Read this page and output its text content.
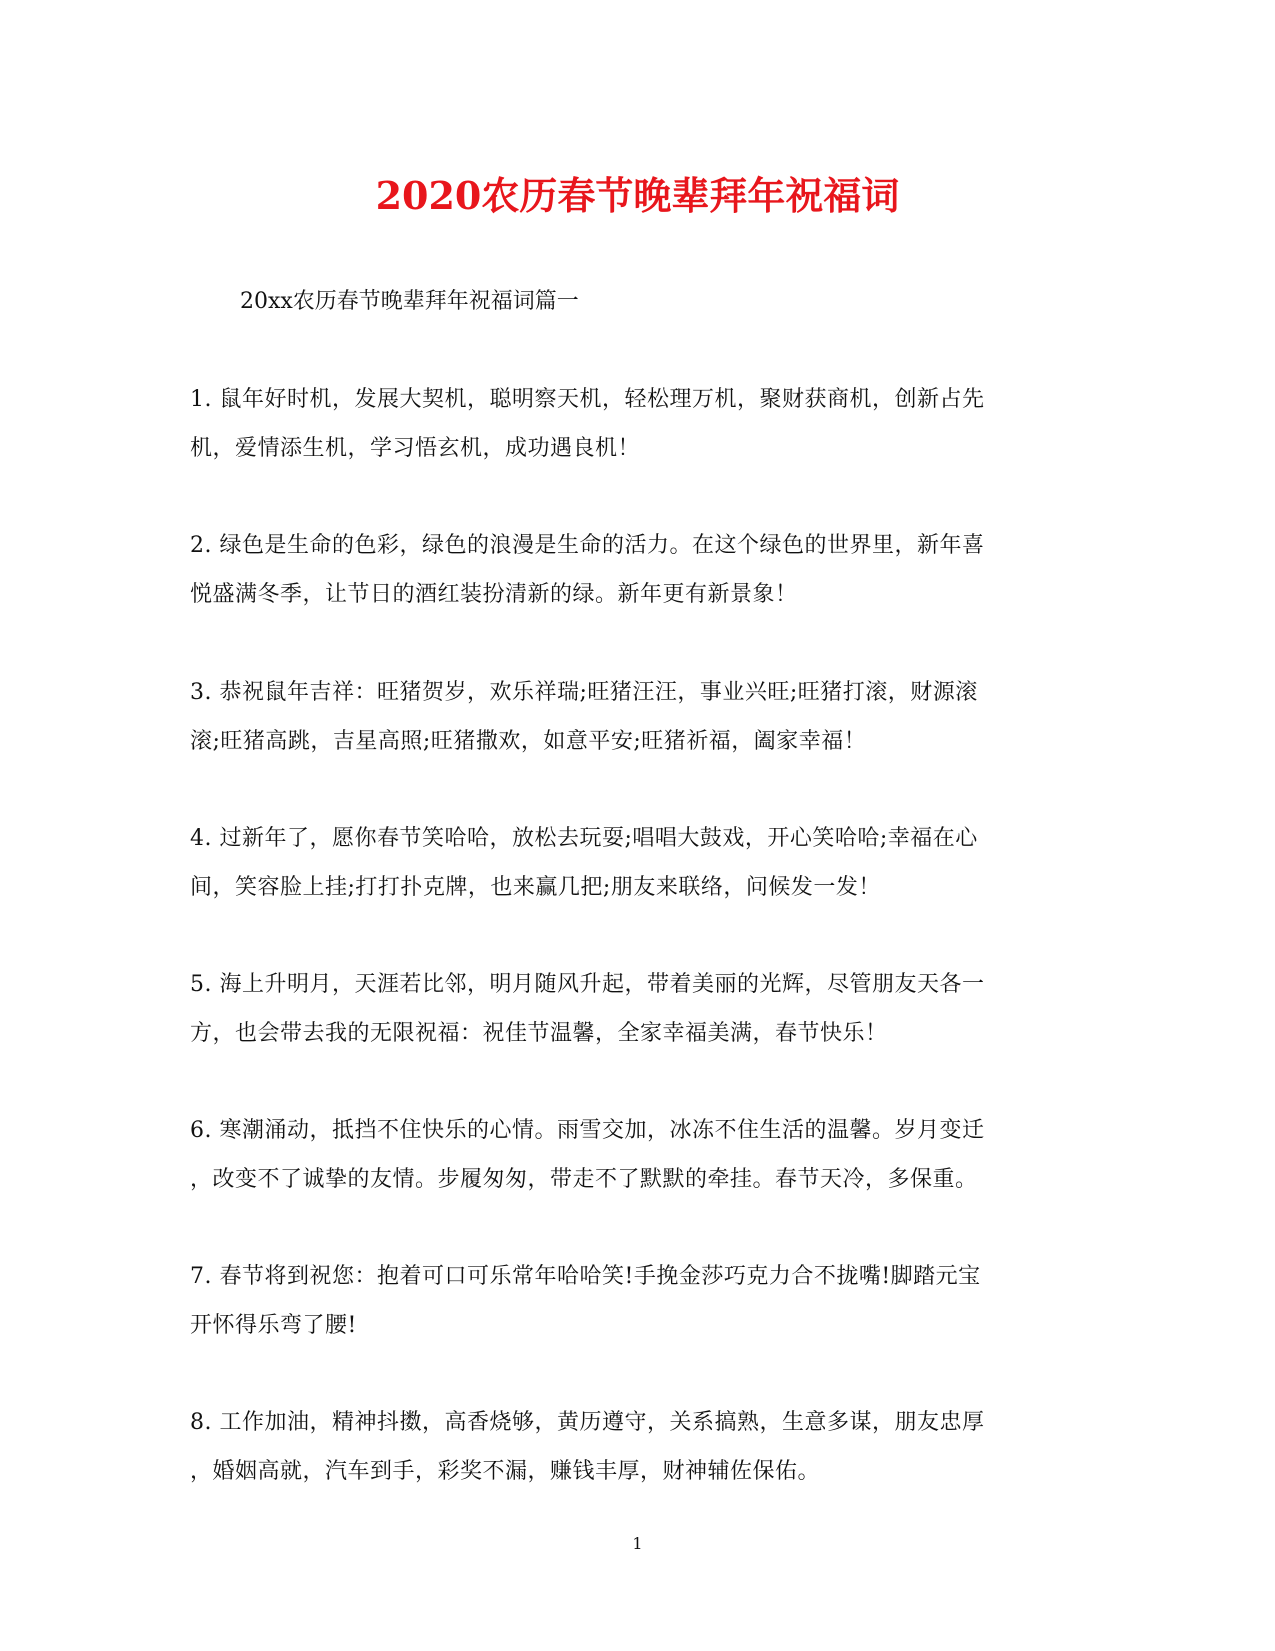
2020农历春节晚辈拜年祝福词

20xx农历春节晚辈拜年祝福词篇一

1. 鼠年好时机，发展大契机，聪明察天机，轻松理万机，聚财获商机，创新占先
机，爱情添生机，学习悟玄机，成功遇良机！

2. 绿色是生命的色彩，绿色的浪漫是生命的活力。在这个绿色的世界里，新年喜
悦盛满冬季，让节日的酒红装扮清新的绿。新年更有新景象！

3. 恭祝鼠年吉祥：旺猪贺岁，欢乐祥瑞;旺猪汪汪，事业兴旺;旺猪打滚，财源滚
滚;旺猪高跳，吉星高照;旺猪撒欢，如意平安;旺猪祈福，阖家幸福！

4. 过新年了，愿你春节笑哈哈，放松去玩耍;唱唱大鼓戏，开心笑哈哈;幸福在心
间，笑容脸上挂;打打扑克牌，也来赢几把;朋友来联络，问候发一发！

5. 海上升明月，天涯若比邻，明月随风升起，带着美丽的光辉，尽管朋友天各一
方，也会带去我的无限祝福：祝佳节温馨，全家幸福美满，春节快乐！

6. 寒潮涌动，抵挡不住快乐的心情。雨雪交加，冰冻不住生活的温馨。岁月变迁
，改变不了诚挚的友情。步履匆匆，带走不了默默的牵挂。春节天冷，多保重。

7. 春节将到祝您：抱着可口可乐常年哈哈笑!手挽金莎巧克力合不拢嘴!脚踏元宝
开怀得乐弯了腰!

8. 工作加油，精神抖擞，高香烧够，黄历遵守，关系搞熟，生意多谋，朋友忠厚
，婚姻高就，汽车到手，彩奖不漏，赚钱丰厚，财神辅佐保佑。

1
